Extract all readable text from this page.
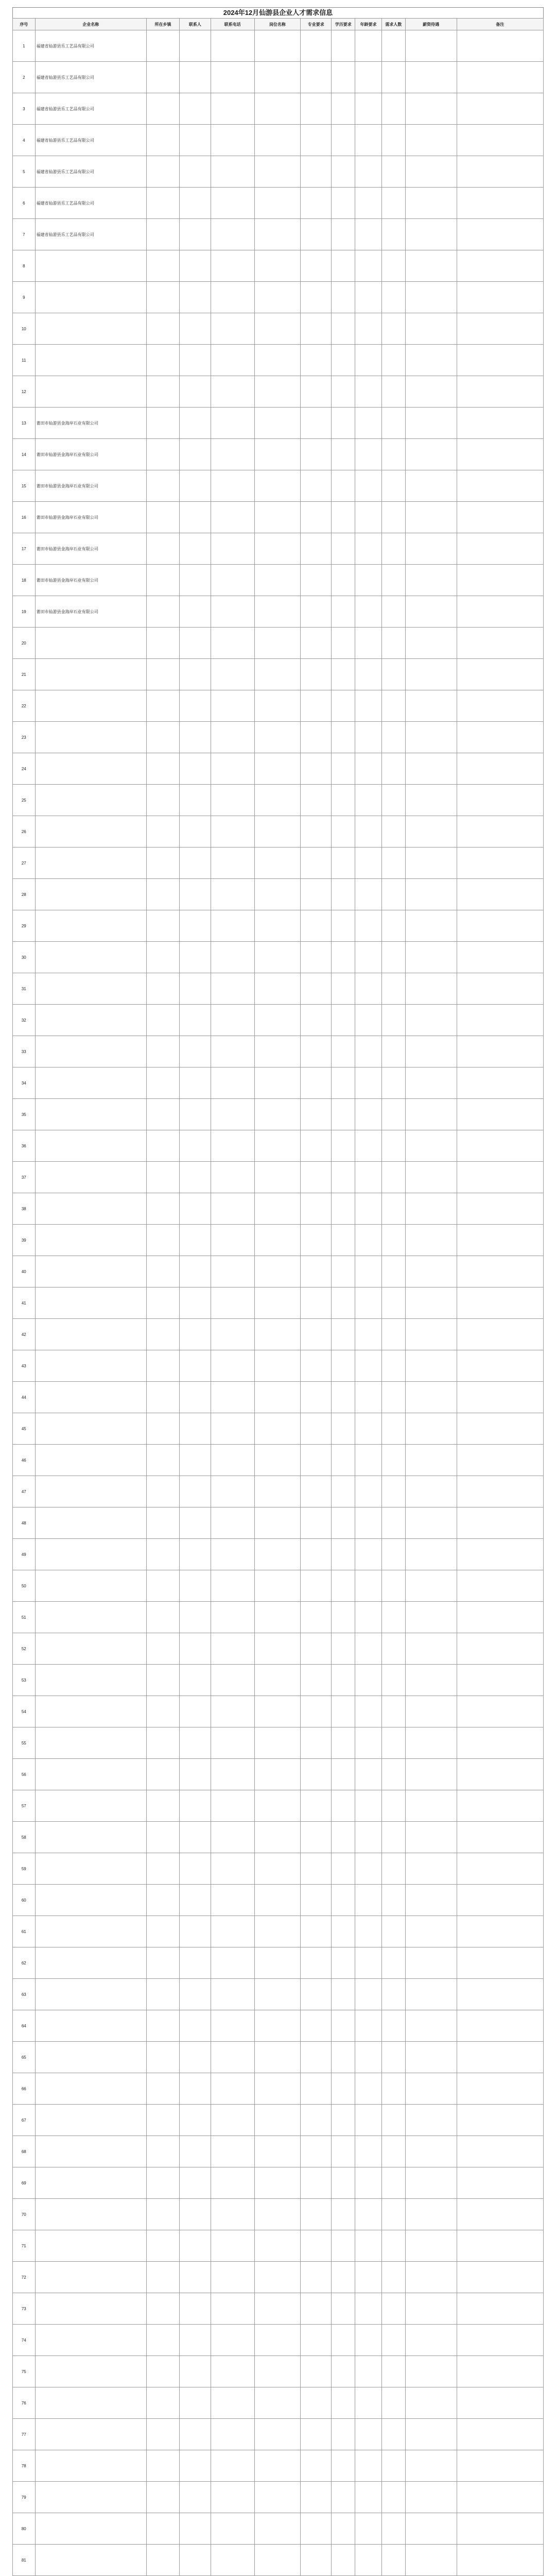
2024年12月仙游县企业人才需求信息
序号	企业名称	所在乡镇	联系人	联系电话	岗位名称	专业要求	学历要求	年龄要求	需求人数	薪资待遇	备注
1	福建省仙游县乐工艺品有限公司										
2	福建省仙游县乐工艺品有限公司										
3	福建省仙游县乐工艺品有限公司										
4	福建省仙游县乐工艺品有限公司										
5	福建省仙游县乐工艺品有限公司										
6	福建省仙游县乐工艺品有限公司										
7	福建省仙游县乐工艺品有限公司										
8											
9											
10											
11											
12											
13	莆田市仙游县金海岸石业有限公司										
14	莆田市仙游县金海岸石业有限公司										
15	莆田市仙游县金海岸石业有限公司										
16	莆田市仙游县金海岸石业有限公司										
17	莆田市仙游县金海岸石业有限公司										
18	莆田市仙游县金海岸石业有限公司										
19	莆田市仙游县金海岸石业有限公司										
20											
21											
22											
23											
24											
25											
26											
27											
28											
29											
30											
31											
32											
33											
34											
35											
36											
37											
38											
39											
40											
41											
42											
43											
44											
45											
46											
47											
48											
49											
50											
51											
52											
53											
54											
55											
56											
57											
58											
59											
60											
61											
62											
63											
64											
65											
66											
67											
68											
69											
70											
71											
72											
73											
74											
75											
76											
77											
78											
79											
80											
81											
